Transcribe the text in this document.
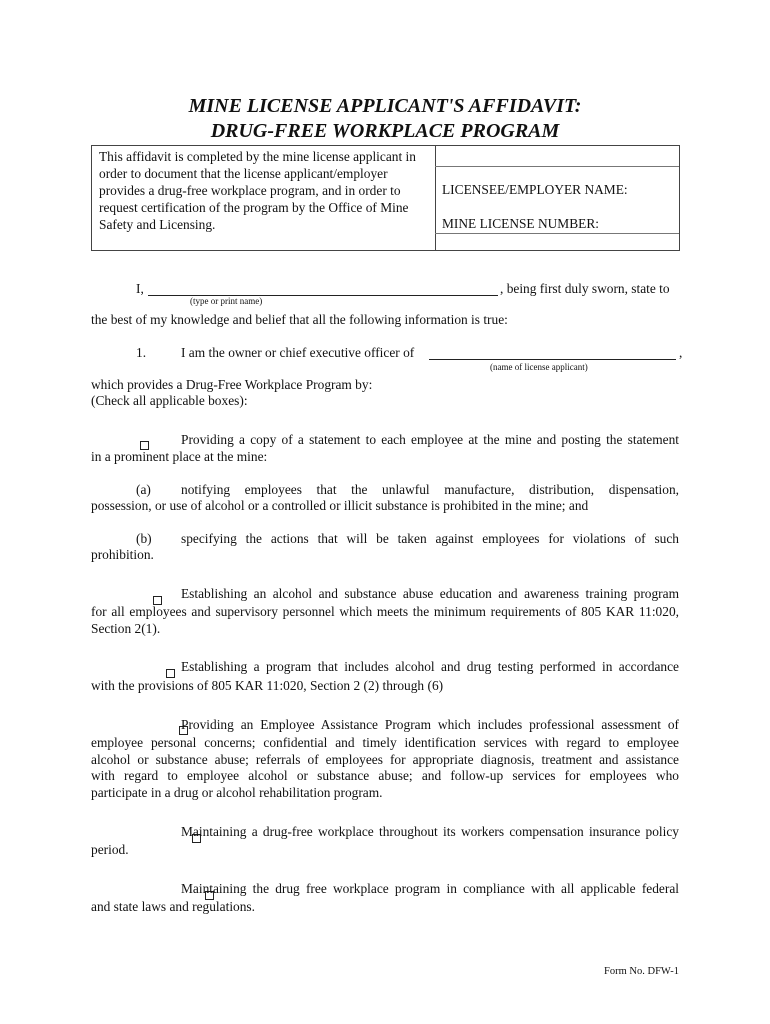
MINE LICENSE APPLICANT'S AFFIDAVIT:
DRUG-FREE WORKPLACE PROGRAM
This affidavit is completed by the mine license applicant in
order to document that the license applicant/employer
provides a drug-free workplace program, and in order to
request certification of the program by the Office of Mine
Safety and Licensing.
LICENSEE/EMPLOYER NAME:
MINE LICENSE NUMBER:
I,	, being first duly sworn, state to
(type or print name)
the best of my knowledge and belief that all the following information is true:
1.	I am the owner or chief executive officer of	,
(name of license applicant)
which provides a Drug-Free Workplace Program by:
(Check all applicable boxes):

Providing a copy of a statement to each employee at the mine and posting the statement
in a prominent place at the mine:
(a) notifying employees that the unlawful manufacture, distribution, dispensation,
possession, or use of alcohol or a controlled or illicit substance is prohibited in the mine; and
(b) specifying the actions that will be taken against employees for violations of such
prohibition.

Establishing an alcohol and substance abuse education and awareness training program
for all employees and supervisory personnel which meets the minimum requirements of 805 KAR 11:020,
Section 2(1).

Establishing a program that includes alcohol and drug testing performed in accordance
with the provisions of 805 KAR 11:020, Section 2 (2) through (6)

Providing an Employee Assistance Program which includes professional assessment of
employee personal concerns; confidential and timely identification services with regard to employee
alcohol or substance abuse; referrals of employees for appropriate diagnosis, treatment and assistance
with regard to employee alcohol or substance abuse; and follow-up services for employees who
participate in a drug or alcohol rehabilitation program.

Maintaining a drug-free workplace throughout its workers compensation insurance policy
period.
Maintaining the drug free workplace program in compliance with all applicable federal
and state laws and regulations.
Form No. DFW-1
